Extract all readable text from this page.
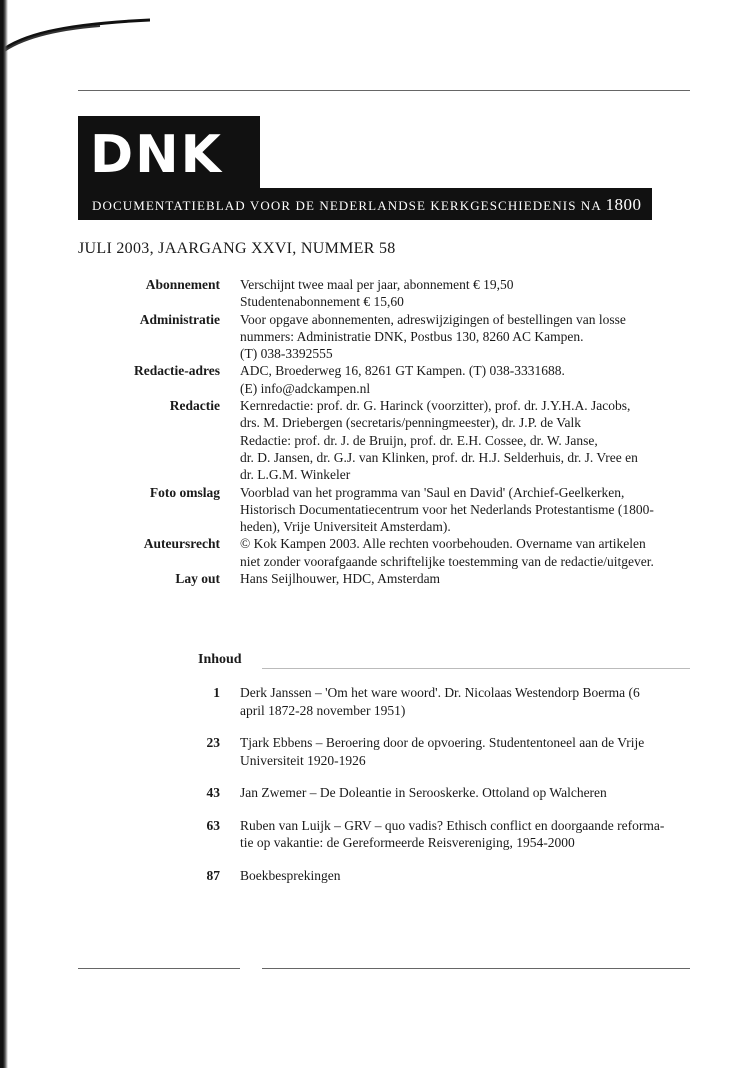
DNK
DOCUMENTATIEBLAD VOOR DE NEDERLANDSE KERKGESCHIEDENIS NA 1800
JULI 2003, JAARGANG XXVI, NUMMER 58
Abonnement	Verschijnt twee maal per jaar, abonnement € 19,50
Studentenabonnement € 15,60
Administratie	Voor opgave abonnementen, adreswijzigingen of bestellingen van losse
nummers: Administratie DNK, Postbus 130, 8260 AC Kampen.
(T) 038-3392555
Redactie-adres	ADC, Broederweg 16, 8261 GT Kampen. (T) 038-3331688.
(E) info@adckampen.nl
Redactie	Kernredactie: prof. dr. G. Harinck (voorzitter), prof. dr. J.Y.H.A. Jacobs,
drs. M. Driebergen (secretaris/penningmeester), dr. J.P. de Valk
Redactie: prof. dr. J. de Bruijn, prof. dr. E.H. Cossee, dr. W. Janse,
dr. D. Jansen, dr. G.J. van Klinken, prof. dr. H.J. Selderhuis, dr. J. Vree en
dr. L.G.M. Winkeler
Foto omslag	Voorblad van het programma van 'Saul en David' (Archief-Geelkerken,
Historisch Documentatiecentrum voor het Nederlands Protestantisme (1800-
heden), Vrije Universiteit Amsterdam).
Auteursrecht	© Kok Kampen 2003. Alle rechten voorbehouden. Overname van artikelen
niet zonder voorafgaande schriftelijke toestemming van de redactie/uitgever.
Lay out	Hans Seijlhouwer, HDC, Amsterdam
Inhoud
1	Derk Janssen – 'Om het ware woord'. Dr. Nicolaas Westendorp Boerma (6
april 1872-28 november 1951)
23	Tjark Ebbens – Beroering door de opvoering. Studententoneel aan de Vrije
Universiteit 1920-1926
43	Jan Zwemer – De Doleantie in Serooskerke. Ottoland op Walcheren
63	Ruben van Luijk – GRV – quo vadis? Ethisch conflict en doorgaande reforma-
tie op vakantie: de Gereformeerde Reisvereniging, 1954-2000
87	Boekbesprekingen
